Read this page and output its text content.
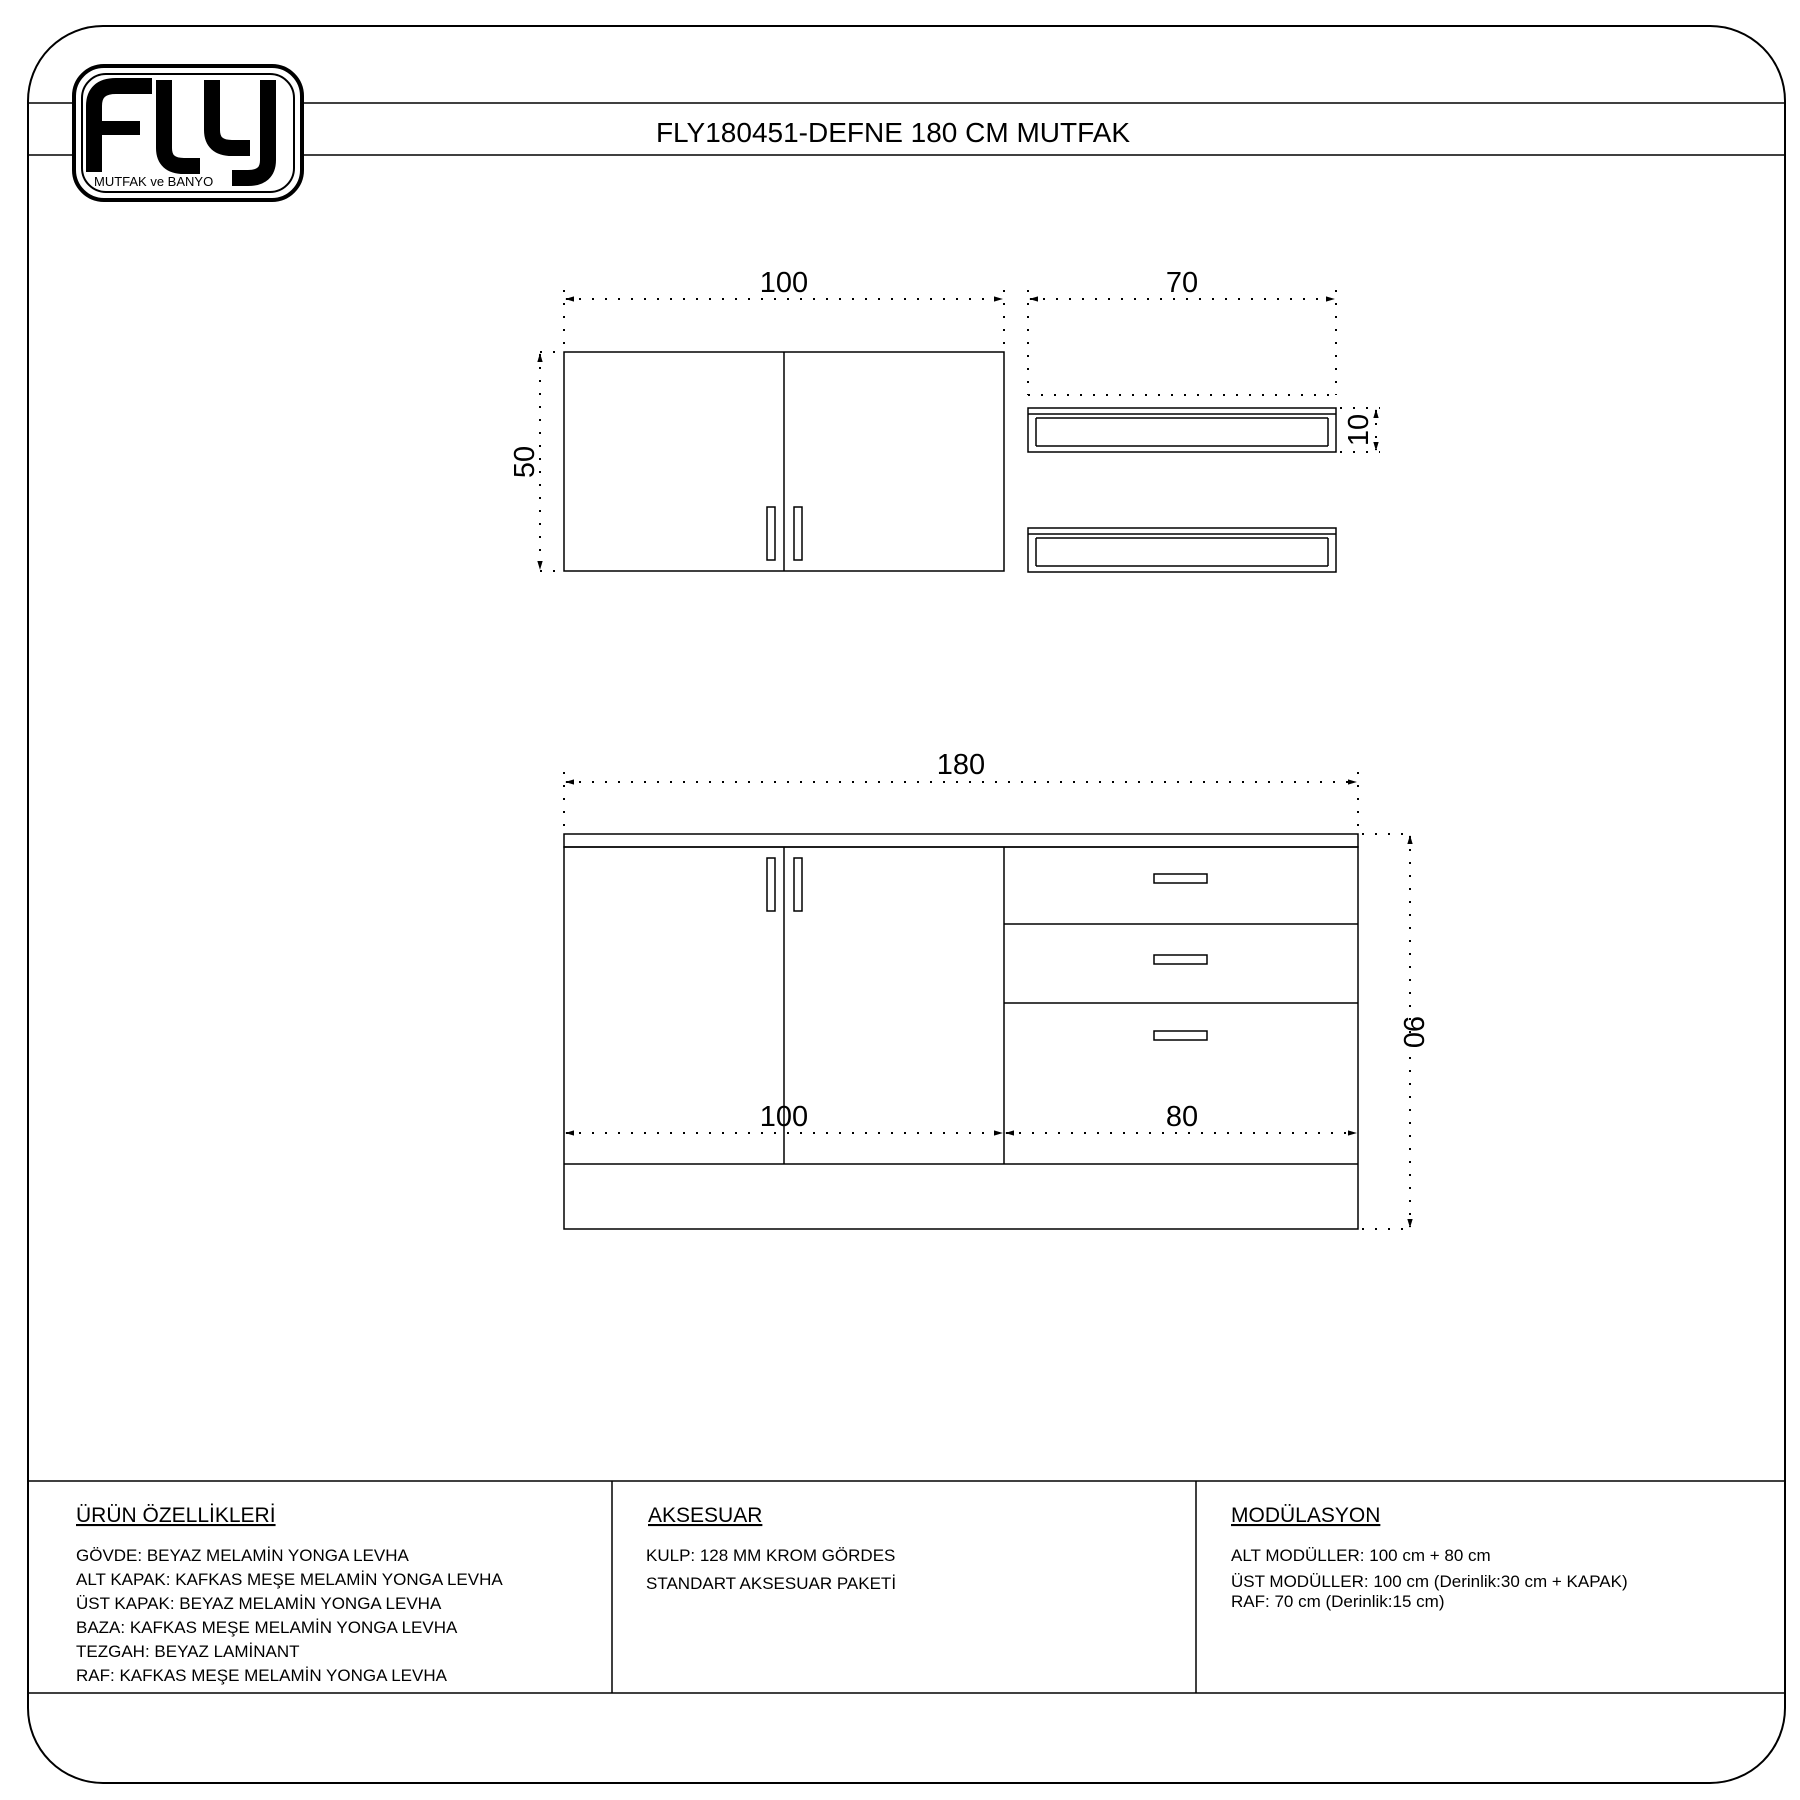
MUTFAK ve BANYO
FLY180451-DEFNE 180 CM MUTFAK
100
50
70
10
180
100	80
90
ÜRÜN ÖZELLİKLERİ
GÖVDE: BEYAZ MELAMİN YONGA LEVHA
ALT KAPAK: KAFKAS MEŞE MELAMİN YONGA LEVHA
ÜST KAPAK: BEYAZ MELAMİN YONGA LEVHA
BAZA: KAFKAS MEŞE MELAMİN YONGA LEVHA
TEZGAH: BEYAZ LAMİNANT
RAF: KAFKAS MEŞE MELAMİN YONGA LEVHA
AKSESUAR
KULP: 128 MM KROM GÖRDES
STANDART AKSESUAR PAKETİ
MODÜLASYON
ALT MODÜLLER: 100 cm + 80 cm
ÜST MODÜLLER: 100 cm (Derinlik:30 cm + KAPAK)
RAF: 70 cm (Derinlik:15 cm)
